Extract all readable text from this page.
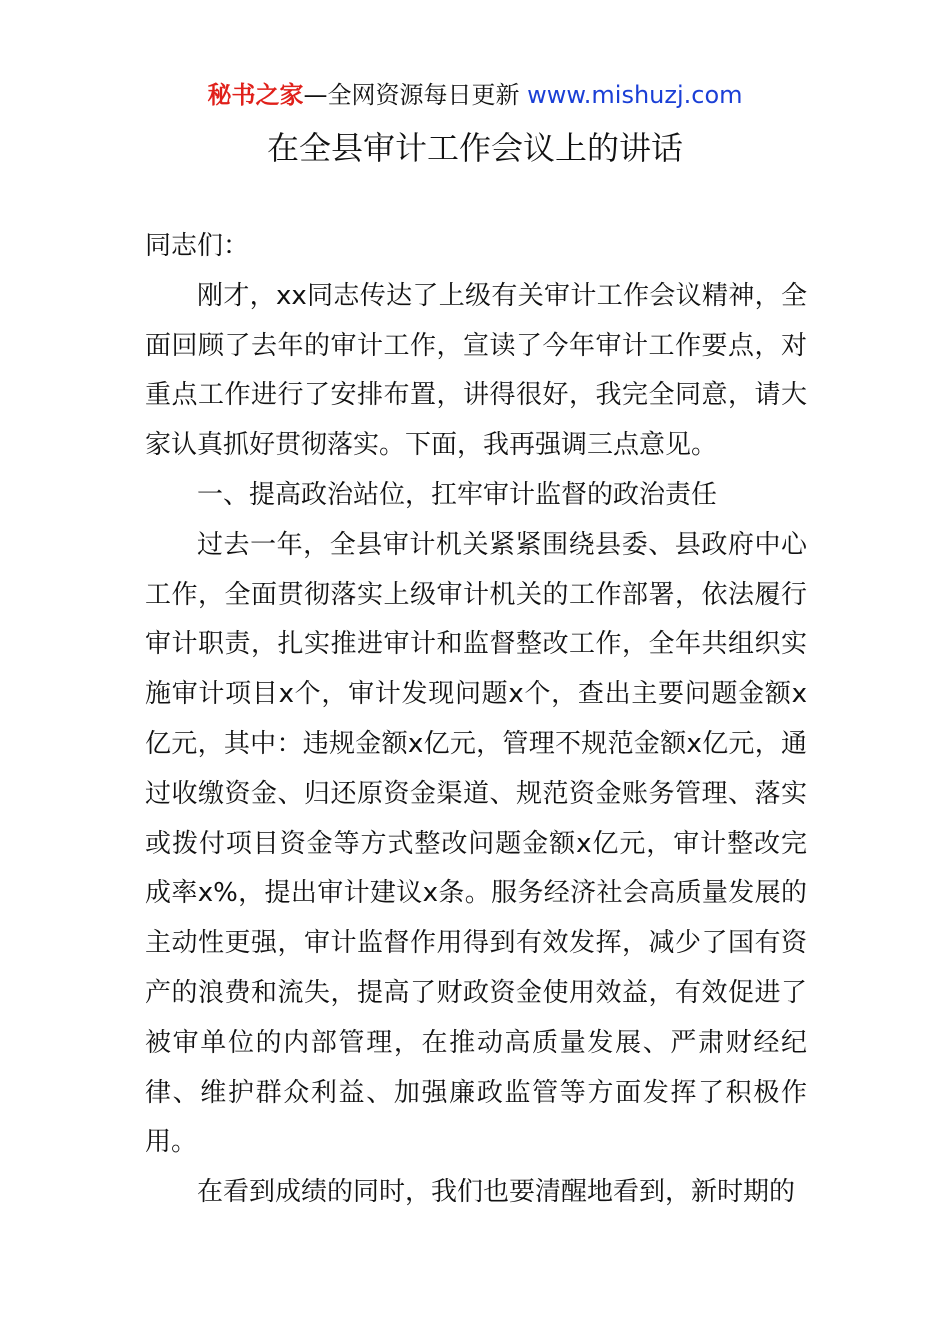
秘书之家—全网资源每日更新 www.mishuzj.com
在全县审计工作会议上的讲话

同志们：

刚才，xx同志传达了上级有关审计工作会议精神，全面回顾了去年的审计工作，宣读了今年审计工作要点，对重点工作进行了安排布置，讲得很好，我完全同意，请大家认真抓好贯彻落实。下面，我再强调三点意见。

一、提高政治站位，扛牢审计监督的政治责任

过去一年，全县审计机关紧紧围绕县委、县政府中心工作，全面贯彻落实上级审计机关的工作部署，依法履行审计职责，扎实推进审计和监督整改工作，全年共组织实施审计项目x个，审计发现问题x个，查出主要问题金额x亿元，其中：违规金额x亿元，管理不规范金额x亿元，通过收缴资金、归还原资金渠道、规范资金账务管理、落实或拨付项目资金等方式整改问题金额x亿元，审计整改完成率x%，提出审计建议x条。服务经济社会高质量发展的主动性更强，审计监督作用得到有效发挥，减少了国有资产的浪费和流失，提高了财政资金使用效益，有效促进了被审单位的内部管理，在推动高质量发展、严肃财经纪律、维护群众利益、加强廉政监管等方面发挥了积极作用。

在看到成绩的同时，我们也要清醒地看到，新时期的
